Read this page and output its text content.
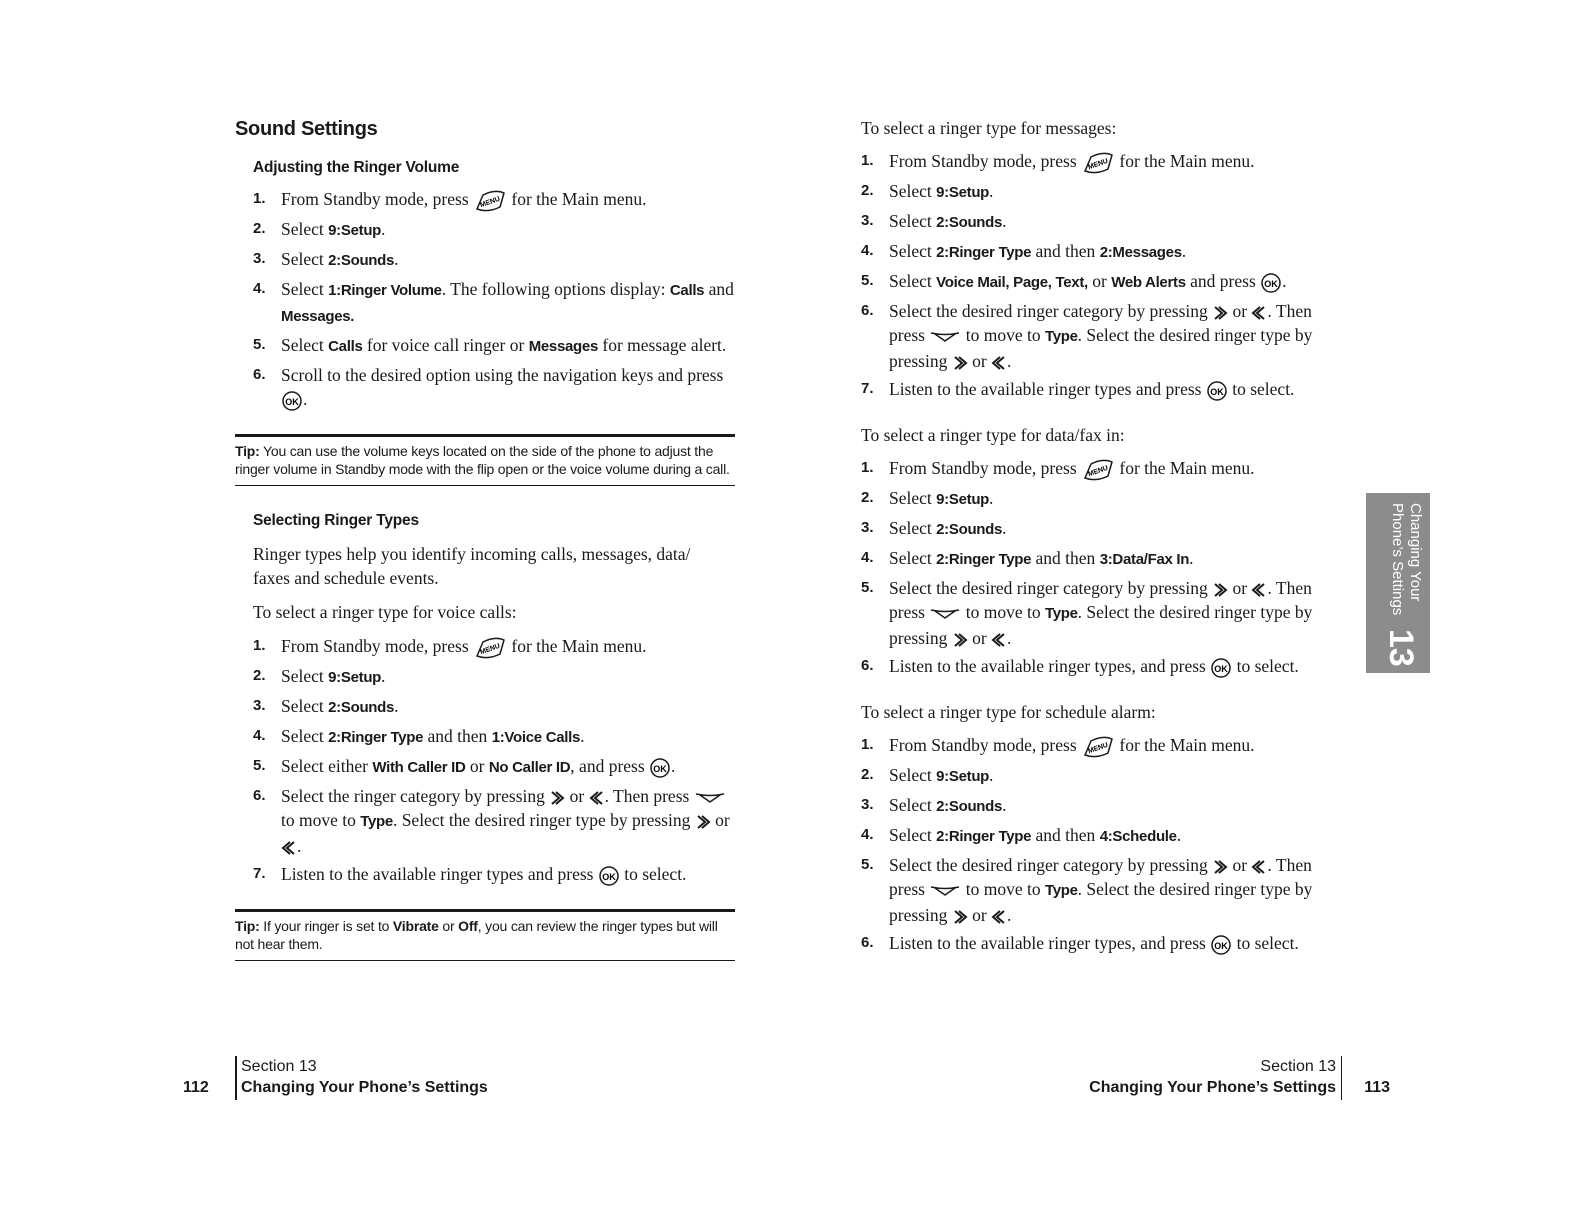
Sound Settings
Adjusting the Ringer Volume
1. From Standby mode, press MENU for the Main menu.
2. Select 9:Setup.
3. Select 2:Sounds.
4. Select 1:Ringer Volume. The following options display: Calls and Messages.
5. Select Calls for voice call ringer or Messages for message alert.
6. Scroll to the desired option using the navigation keys and press
OK .
Tip: You can use the volume keys located on the side of the phone to adjust the ringer volume in Standby mode with the flip open or the voice volume during a call.
Selecting Ringer Types

Ringer types help you identify incoming calls, messages, data/ faxes and schedule events.

To select a ringer type for voice calls:

1. From Standby mode, press MENU for the Main menu.
2. Select 9:Setup.
3. Select 2:Sounds.
4. Select 2:Ringer Type and then 1:Voice Calls.
5. Select either With Caller ID or No Caller ID, and press OK .
6. Select the ringer category by pressing  or . Then press  to move to Type. Select the desired ringer type by pressing  or .
7. Listen to the available ringer types and press OK to select.
Tip: If your ringer is set to Vibrate or Off, you can review the ringer types but will not hear them.
112
Section 13
Changing Your Phone’s Settings

To select a ringer type for messages:

1. From Standby mode, press MENU for the Main menu.
2. Select 9:Setup.
3. Select 2:Sounds.
4. Select 2:Ringer Type and then 2:Messages.
5. Select Voice Mail, Page, Text, or Web Alerts and press OK .
6. Select the desired ringer category by pressing  or . Then press  to move to Type. Select the desired ringer type by pressing  or .
7. Listen to the available ringer types and press OK to select.

To select a ringer type for data/fax in:

1. From Standby mode, press MENU for the Main menu.
2. Select 9:Setup.
3. Select 2:Sounds.
4. Select 2:Ringer Type and then 3:Data/Fax In.
5. Select the desired ringer category by pressing  or . Then press  to move to Type. Select the desired ringer type by pressing  or .
6. Listen to the available ringer types, and press OK to select.

To select a ringer type for schedule alarm:

1. From Standby mode, press MENU for the Main menu.
2. Select 9:Setup.
3. Select 2:Sounds.
4. Select 2:Ringer Type and then 4:Schedule.
5. Select the desired ringer category by pressing  or . Then press  to move to Type. Select the desired ringer type by pressing  or .
6. Listen to the available ringer types, and press OK to select.
Changing Your
Phone’s Settings
13
Section 13
Changing Your Phone’s Settings 113
